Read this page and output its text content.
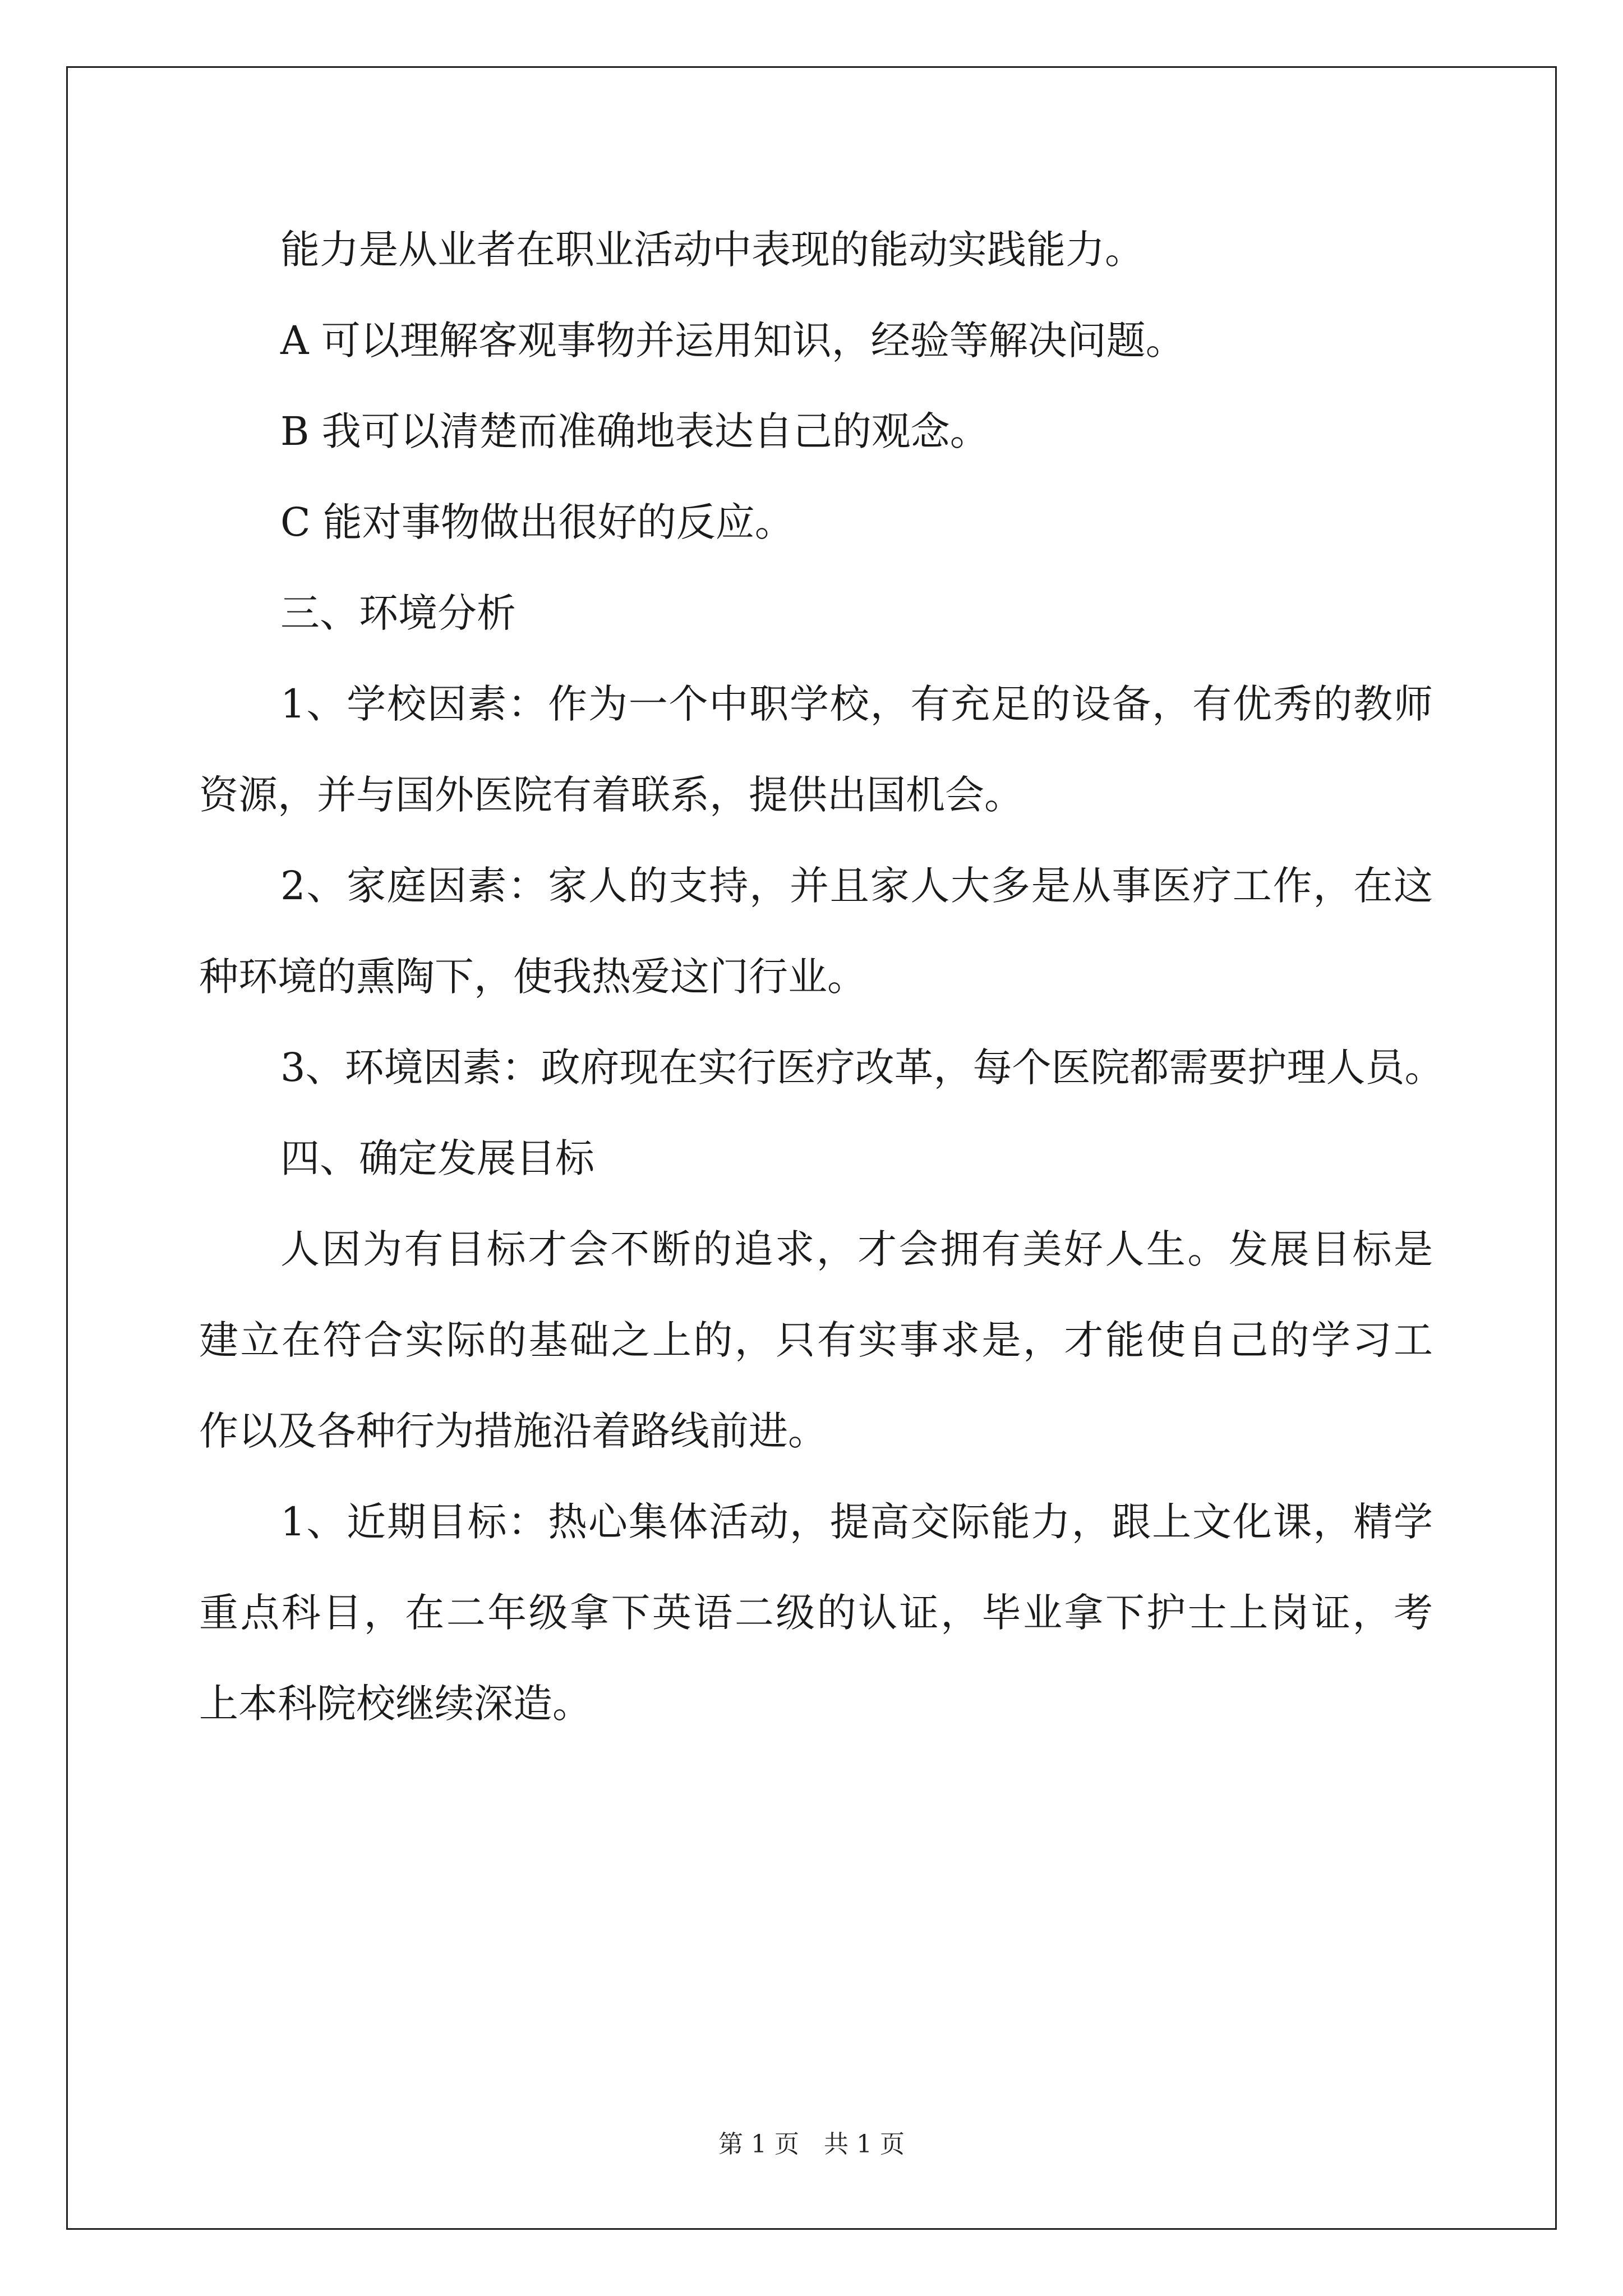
能力是从业者在职业活动中表现的能动实践能力。
A 可以理解客观事物并运用知识，经验等解决问题。
B 我可以清楚而准确地表达自己的观念。
C 能对事物做出很好的反应。
三、环境分析
1、学校因素：作为一个中职学校，有充足的设备，有优秀的教师
资源，并与国外医院有着联系，提供出国机会。
2、家庭因素：家人的支持，并且家人大多是从事医疗工作，在这
种环境的熏陶下，使我热爱这门行业。
3、环境因素：政府现在实行医疗改革，每个医院都需要护理人员。
四、确定发展目标
人因为有目标才会不断的追求，才会拥有美好人生。发展目标是
建立在符合实际的基础之上的，只有实事求是，才能使自己的学习工
作以及各种行为措施沿着路线前进。
1、近期目标：热心集体活动，提高交际能力，跟上文化课，精学
重点科目，在二年级拿下英语二级的认证，毕业拿下护士上岗证，考
上本科院校继续深造。
第 1 页　共 1 页
